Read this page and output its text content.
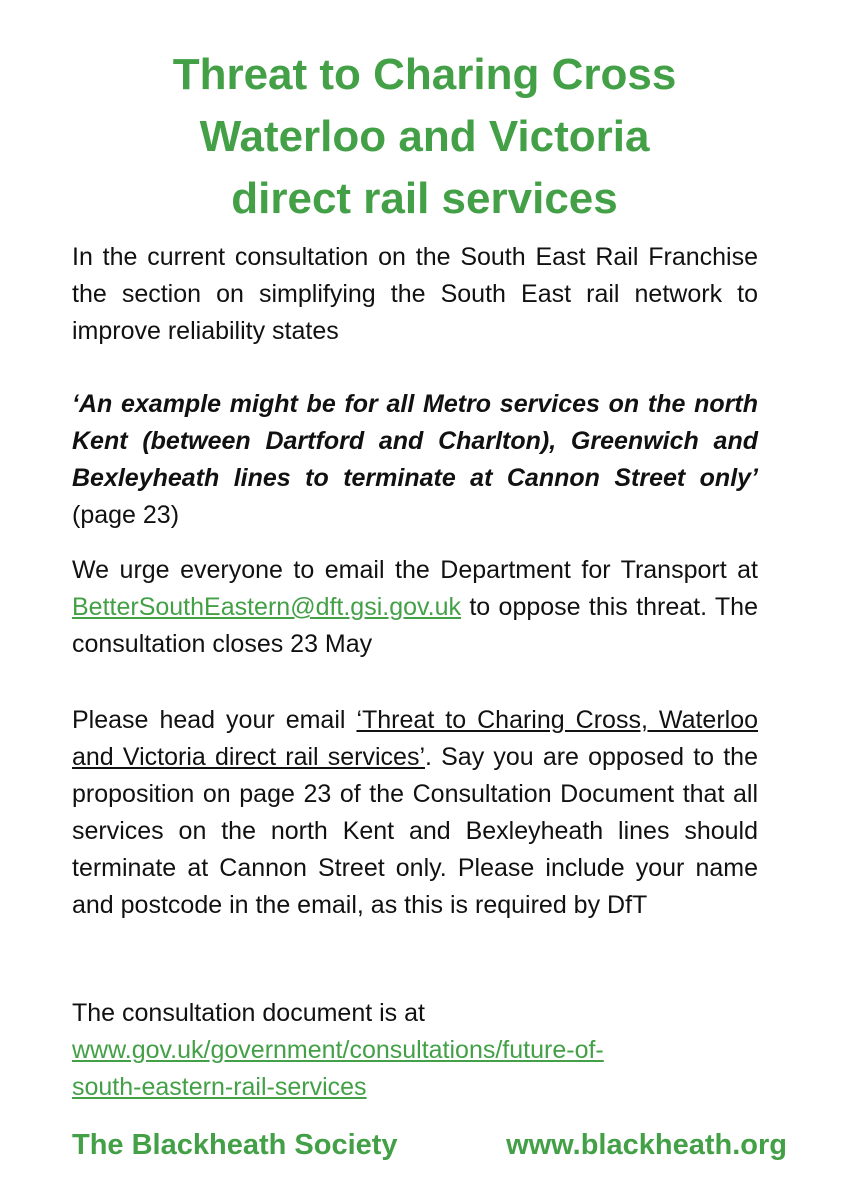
Threat to Charing Cross
Waterloo and Victoria
direct rail services

In the current consultation on the South East Rail Franchise the section on simplifying the South East rail network to improve reliability states

‘An example might be for all Metro services on the north Kent (between Dartford and Charlton), Greenwich and Bexleyheath lines to terminate at Cannon Street only’ (page 23)

We urge everyone to email the Department for Transport at BetterSouthEastern@dft.gsi.gov.uk to oppose this threat. The consultation closes 23 May

Please head your email ‘Threat to Charing Cross, Waterloo and Victoria direct rail services’. Say you are opposed to the proposition on page 23 of the Consultation Document that all services on the north Kent and Bexleyheath lines should terminate at Cannon Street only. Please include your name and postcode in the email, as this is required by DfT

The consultation document is at
www.gov.uk/government/consultations/future-of-
south-eastern-rail-services

The Blackheath Society	www.blackheath.org
